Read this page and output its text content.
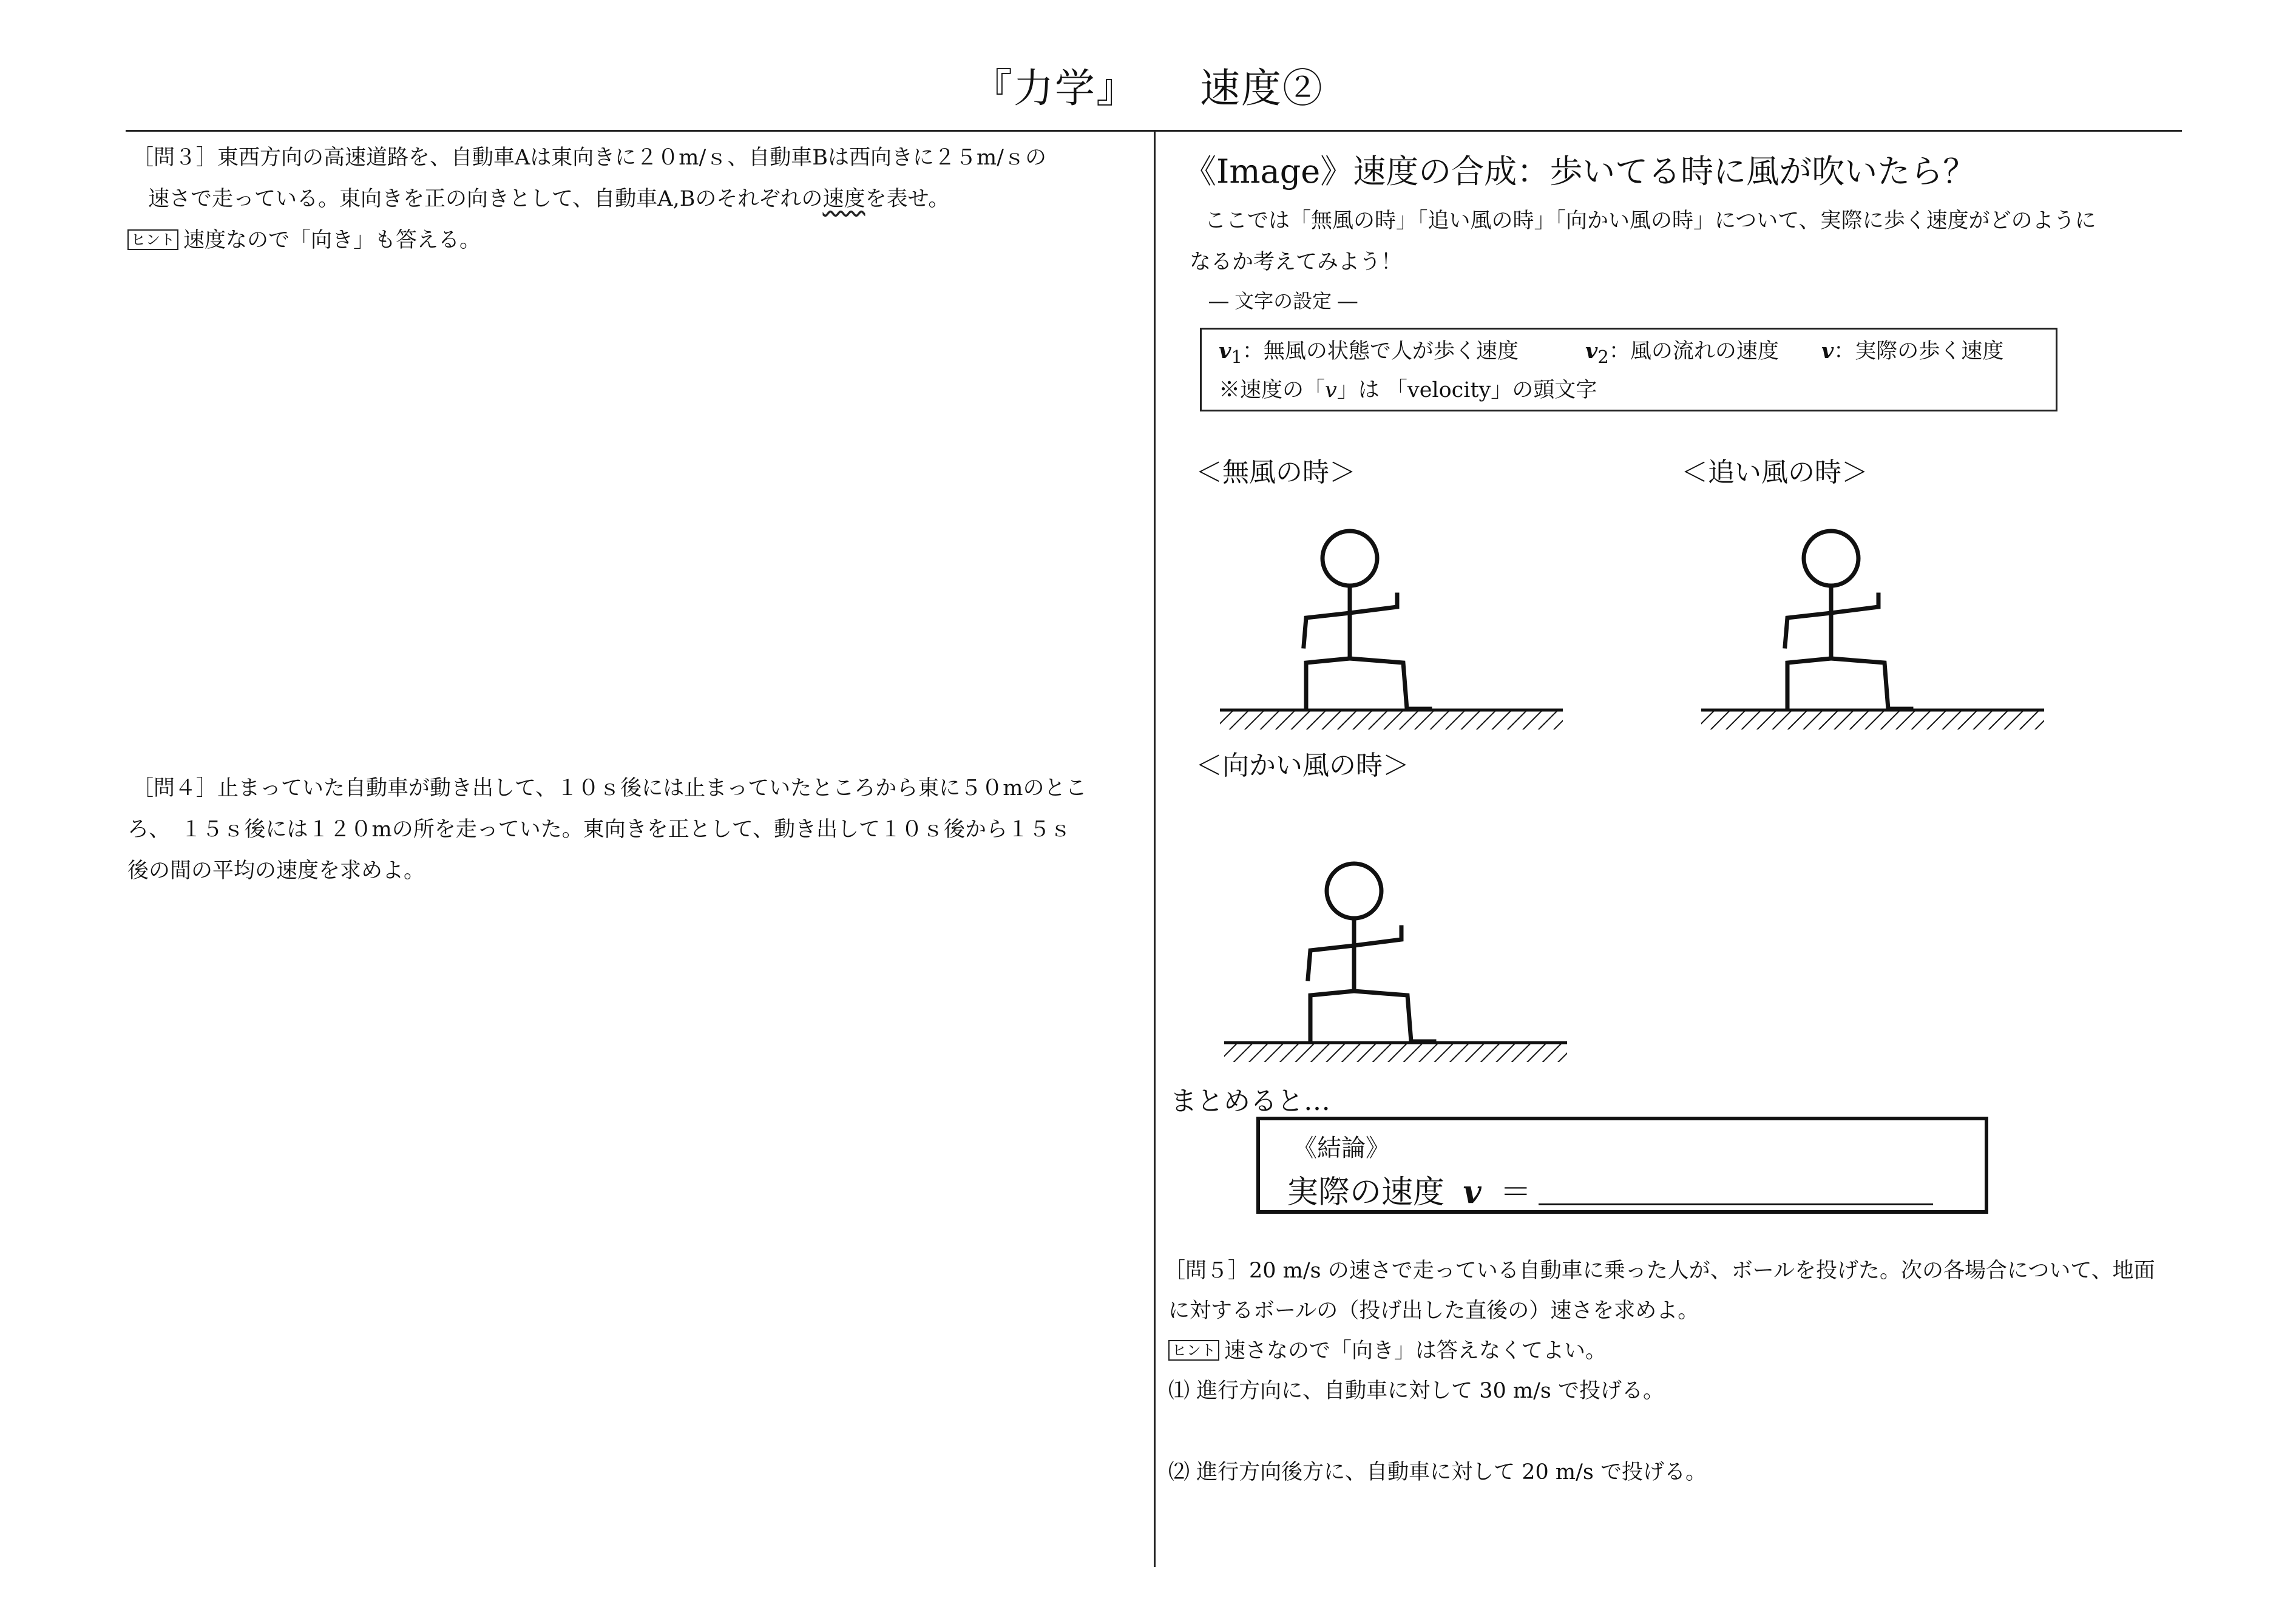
『力学』　　速度②
［問３］東西方向の高速道路を、自動車Aは東向きに２０m/ｓ、自動車Bは西向きに２５m/ｓの
速さで走っている。東向きを正の向きとして、自動車A,Bのそれぞれの速度を表せ。
ヒント 速度なので「向き」も答える。
［問４］止まっていた自動車が動き出して、１０ｓ後には止まっていたところから東に５０mのとこ
ろ、　１５ｓ後には１２０mの所を走っていた。東向きを正として、動き出して１０ｓ後から１５ｓ
後の間の平均の速度を求めよ。
《Image》速度の合成：歩いてる時に風が吹いたら？
ここでは「無風の時」「追い風の時」「向かい風の時」について、実際に歩く速度がどのように
なるか考えてみよう！
― 文字の設定 ―
$v_1$：無風の状態で人が歩く速度	$v_2$：風の流れの速度 v：実際の歩く速度
※速度の「v」は 「velocity」の頭文字
＜無風の時＞	＜追い風の時＞
＜向かい風の時＞
まとめると…
《結論》
実際の速度 v ＝
［問５］20 m/s の速さで走っている自動車に乗った人が、ボールを投げた。次の各場合について、地面
に対するボールの（投げ出した直後の）速さを求めよ。
ヒント 速さなので「向き」は答えなくてよい。
⑴ 進行方向に、自動車に対して 30 m/s で投げる。
⑵ 進行方向後方に、自動車に対して 20 m/s で投げる。
